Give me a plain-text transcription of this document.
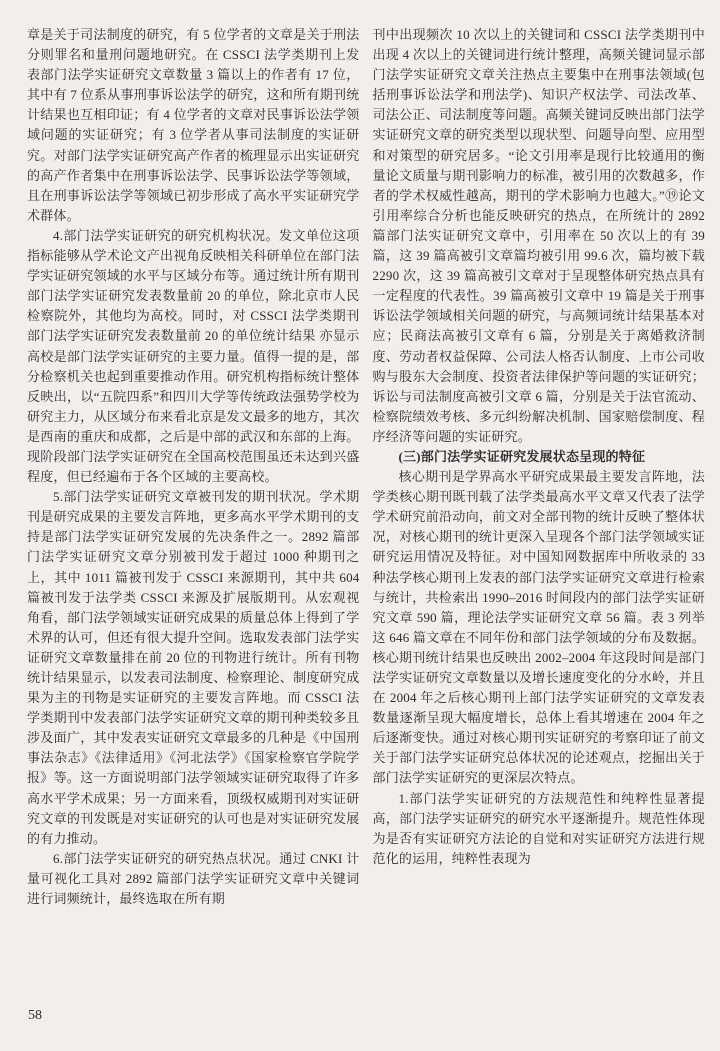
章是关于司法制度的研究，有 5 位学者的文章是关于刑法分则罪名和量刑问题地研究。在 CSSCI 法学类期刊上发表部门法学实证研究文章数量 3 篇以上的作者有 17 位，其中有 7 位系从事刑事诉讼法学的研究，这和所有期刊统计结果也互相印证；有 4 位学者的文章对民事诉讼法学领域问题的实证研究；有 3 位学者从事司法制度的实证研究。对部门法学实证研究高产作者的梳理显示出实证研究的高产作者集中在刑事诉讼法学、民事诉讼法学等领域，且在刑事诉讼法学等领域已初步形成了高水平实证研究学术群体。

4.部门法学实证研究的研究机构状况。发文单位这项指标能够从学术论文产出视角反映相关科研单位在部门法学实证研究领域的水平与区域分布等。通过统计所有期刊部门法学实证研究发表数量前 20 的单位，除北京市人民检察院外，其他均为高校。同时，对 CSSCI 法学类期刊部门法学实证研究发表数量前 20 的单位统计结果 亦显示高校是部门法学实证研究的主要力量。值得一提的是，部分检察机关也起到重要推动作用。研究机构指标统计整体反映出，以“五院四系”和四川大学等传统政法强势学校为研究主力，从区域分布来看北京是发文最多的地方，其次是西南的重庆和成都，之后是中部的武汉和东部的上海。现阶段部门法学实证研究在全国高校范围虽还未达到兴盛程度，但已经遍布于各个区域的主要高校。

5.部门法学实证研究文章被刊发的期刊状况。学术期刊是研究成果的主要发言阵地，更多高水平学术期刊的支持是部门法学实证研究发展的先决条件之一。2892 篇部门法学实证研究文章分别被刊发于超过 1000 种期刊之上，其中 1011 篇被刊发于 CSSCI 来源期刊，其中共 604 篇被刊发于法学类 CSSCI 来源及扩展版期刊。从宏观视角看，部门法学领域实证研究成果的质量总体上得到了学术界的认可，但还有很大提升空间。选取发表部门法学实证研究文章数量排在前 20 位的刊物进行统计。所有刊物统计结果显示，以发表司法制度、检察理论、制度研究成果为主的刊物是实证研究的主要发言阵地。而 CSSCI 法学类期刊中发表部门法学实证研究文章的期刊种类较多且涉及面广，其中发表实证研究文章最多的几种是《中国刑事法杂志》《法律适用》《河北法学》《国家检察官学院学报》等。这一方面说明部门法学领域实证研究取得了许多高水平学术成果；另一方面来看，顶级权威期刊对实证研究文章的刊发既是对实证研究的认可也是对实证研究发展的有力推动。

6.部门法学实证研究的研究热点状况。通过 CNKI 计量可视化工具对 2892 篇部门法学实证研究文章中关键词进行词频统计，最终选取在所有期

刊中出现频次 10 次以上的关键词和 CSSCI 法学类期刊中出现 4 次以上的关键词进行统计整理，高频关键词显示部门法学实证研究文章关注热点主要集中在刑事法领域(包括刑事诉讼法学和刑法学)、知识产权法学、司法改革、司法公正、司法制度等问题。高频关键词反映出部门法学实证研究文章的研究类型以现状型、问题导向型、应用型和对策型的研究居多。“论文引用率是现行比较通用的衡量论文质量与期刊影响力的标准，被引用的次数越多，作者的学术权威性越高，期刊的学术影响力也越大。”⑲论文引用率综合分析也能反映研究的热点，在所统计的 2892 篇部门法实证研究文章中，引用率在 50 次以上的有 39 篇，这 39 篇高被引文章篇均被引用 99.6 次，篇均被下载 2290 次，这 39 篇高被引文章对于呈现整体研究热点具有一定程度的代表性。39 篇高被引文章中 19 篇是关于刑事诉讼法学领域相关问题的研究，与高频词统计结果基本对应；民商法高被引文章有 6 篇，分别是关于离婚救济制度、劳动者权益保障、公司法人格否认制度、上市公司收购与股东大会制度、投资者法律保护等问题的实证研究；诉讼与司法制度高被引文章 6 篇，分别是关于法官流动、检察院绩效考核、多元纠纷解决机制、国家赔偿制度、程序经济等问题的实证研究。

(三)部门法学实证研究发展状态呈现的特征

核心期刊是学界高水平研究成果最主要发言阵地，法学类核心期刊既刊载了法学类最高水平文章又代表了法学学术研究前沿动向，前文对全部刊物的统计反映了整体状况，对核心期刊的统计更深入呈现各个部门法学领域实证研究运用情况及特征。对中国知网数据库中所收录的 33 种法学核心期刊上发表的部门法学实证研究文章进行检索与统计，共检索出 1990–2016 时间段内的部门法学实证研究文章 590 篇，理论法学实证研究文章 56 篇。表 3 列举这 646 篇文章在不同年份和部门法学领域的分布及数据。核心期刊统计结果也反映出 2002–2004 年这段时间是部门法学实证研究文章数量以及增长速度变化的分水岭，并且在 2004 年之后核心期刊上部门法学实证研究的文章发表数量逐渐呈现大幅度增长，总体上看其增速在 2004 年之后逐渐变快。通过对核心期刊实证研究的考察印证了前文关于部门法学实证研究总体状况的论述观点，挖掘出关于部门法学实证研究的更深层次特点。

1.部门法学实证研究的方法规范性和纯粹性显著提高，部门法学实证研究的研究水平逐渐提升。规范性体现为是否有实证研究方法论的自觉和对实证研究方法进行规范化的运用，纯粹性表现为

58
